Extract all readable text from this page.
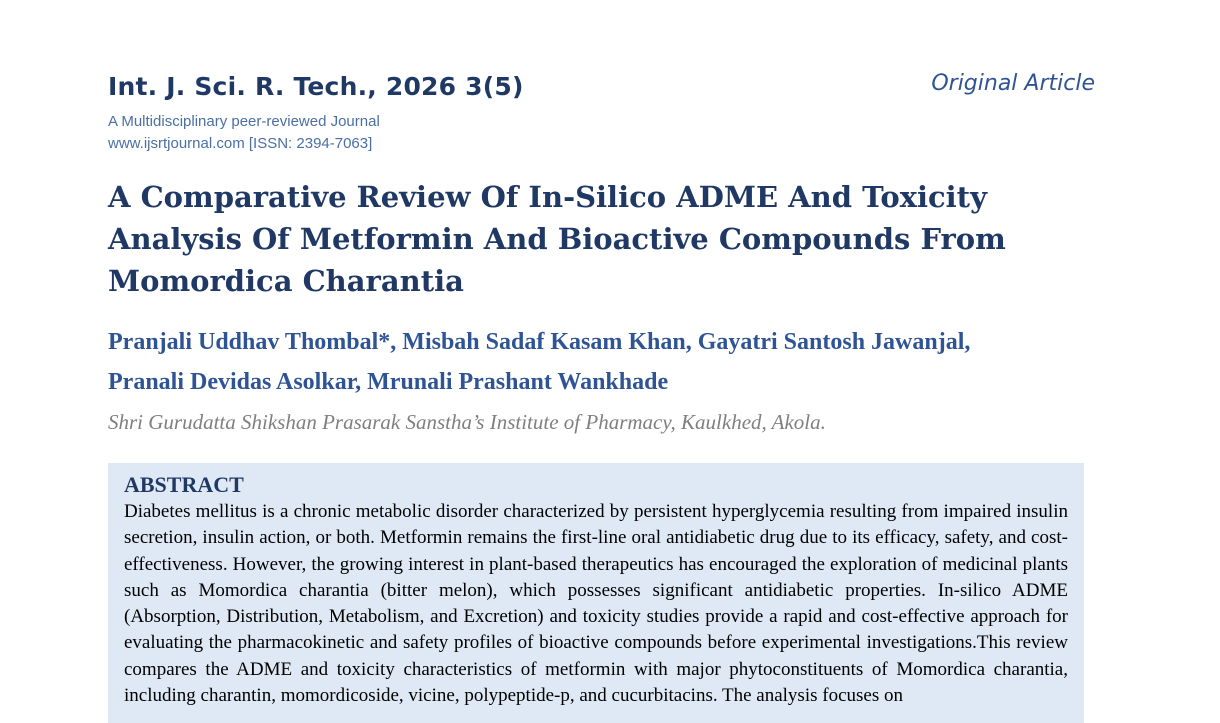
Int. J. Sci. R. Tech., 2026 3(5)
A Multidisciplinary peer-reviewed Journal
www.ijsrtjournal.com [ISSN: 2394-7063]
Original Article
A Comparative Review Of In-Silico ADME And Toxicity Analysis Of Metformin And Bioactive Compounds From Momordica Charantia
Pranjali Uddhav Thombal*, Misbah Sadaf Kasam Khan, Gayatri Santosh Jawanjal, Pranali Devidas Asolkar, Mrunali Prashant Wankhade
Shri Gurudatta Shikshan Prasarak Sanstha’s Institute of Pharmacy, Kaulkhed, Akola.
ABSTRACT

Diabetes mellitus is a chronic metabolic disorder characterized by persistent hyperglycemia resulting from impaired insulin secretion, insulin action, or both. Metformin remains the first-line oral antidiabetic drug due to its efficacy, safety, and cost-effectiveness. However, the growing interest in plant-based therapeutics has encouraged the exploration of medicinal plants such as Momordica charantia (bitter melon), which possesses significant antidiabetic properties. In-silico ADME (Absorption, Distribution, Metabolism, and Excretion) and toxicity studies provide a rapid and cost-effective approach for evaluating the pharmacokinetic and safety profiles of bioactive compounds before experimental investigations.This review compares the ADME and toxicity characteristics of metformin with major phytoconstituents of Momordica charantia, including charantin, momordicoside, vicine, polypeptide-p, and cucurbitacins. The analysis focuses on
